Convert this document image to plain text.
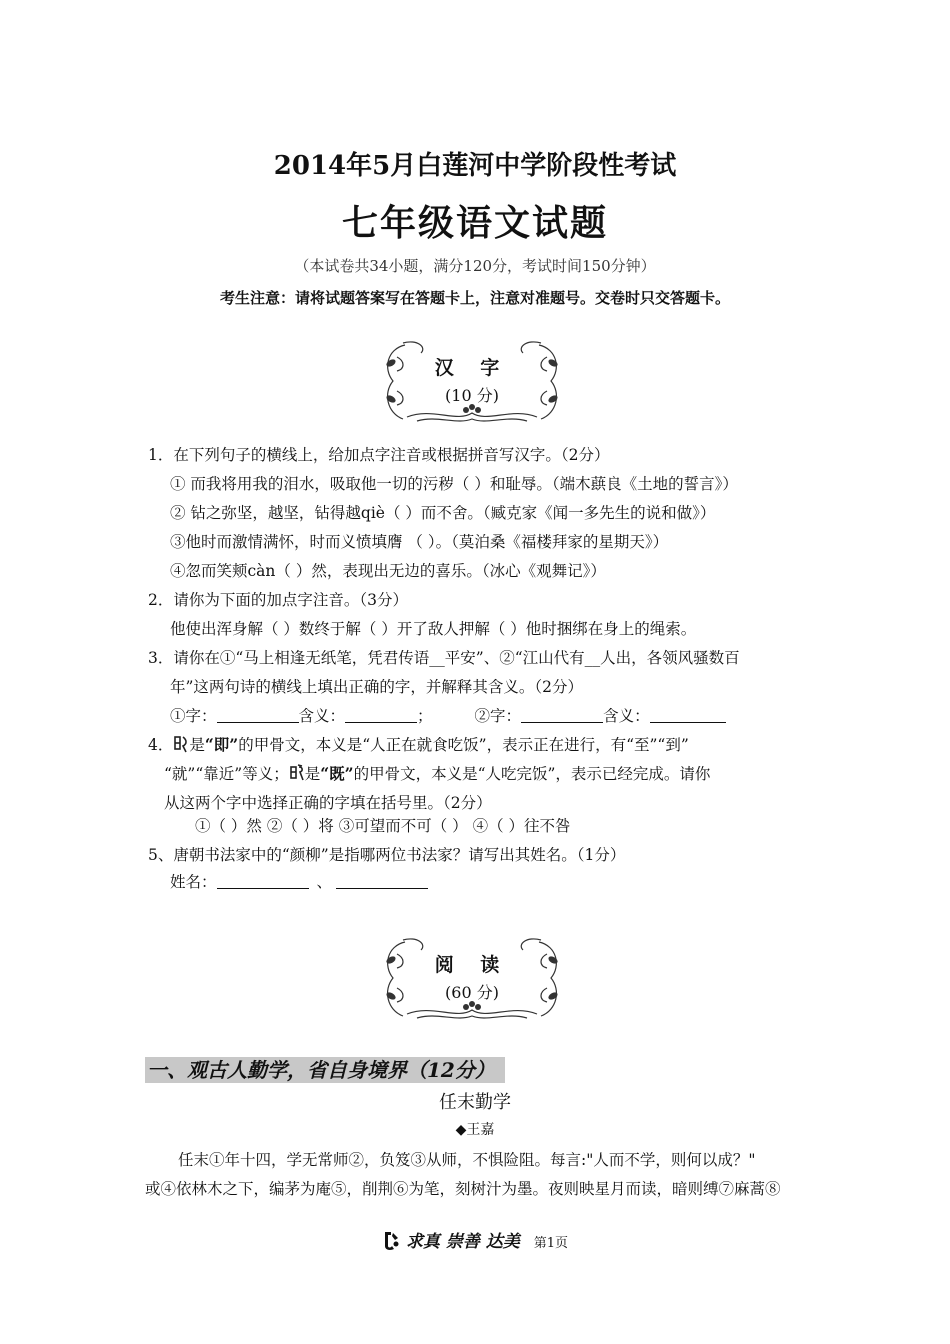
2014年5月白莲河中学阶段性考试
七年级语文试题
（本试卷共34小题，满分120分，考试时间150分钟）
考生注意：请将试题答案写在答题卡上，注意对准题号。交卷时只交答题卡。
汉 字
(10 分)
1．在下列句子的横线上，给加点字注音或根据拼音写汉字。（2分）
① 而我将用我的泪水，吸取他一切的污秽（ ）和耻辱。（端木蕻良《土地的誓言》）
② 钻之弥坚，越坚，钻得越qiè（ ）而不舍。（臧克家《闻一多先生的说和做》）
③他时而激情满怀，时而义愤填膺 （ ）。（莫泊桑《福楼拜家的星期天》）
④忽而笑颊càn（ ）然，表现出无边的喜乐。（冰心《观舞记》）
2．请你为下面的加点字注音。（3分）
他使出浑身解（ ）数终于解（ ）开了敌人押解（ ）他时捆绑在身上的绳索。
3．请你在①“马上相逢无纸笔，凭君传语__平安”、②“江山代有__人出，各领风骚数百
年”这两句诗的横线上填出正确的字，并解释其含义。（2分）
①字：	含义：	；	②字：	含义：
4． 是“即”的甲骨文，本义是“人正在就食吃饭”，表示正在进行，有“至”“到”
“就”“靠近”等义； 是“既”的甲骨文，本义是“人吃完饭”，表示已经完成。请你
从这两个字中选择正确的字填在括号里。（2分）
①（ ）然 ②（ ）将 ③可望而不可（ ） ④（ ）往不咎
5、唐朝书法家中的“颜柳”是指哪两位书法家？请写出其姓名。（1分）
姓名：	、
阅 读
(60 分)
一、观古人勤学，省自身境界（12分）
任末勤学
◆王嘉
任末①年十四，学无常师②，负笈③从师，不惧险阻。每言:"人而不学，则何以成？"
或④依林木之下，编茅为庵⑤，削荆⑥为笔，刻树汁为墨。夜则映星月而读，暗则缚⑦麻蒿⑧
求真 崇善 达美 第1页
